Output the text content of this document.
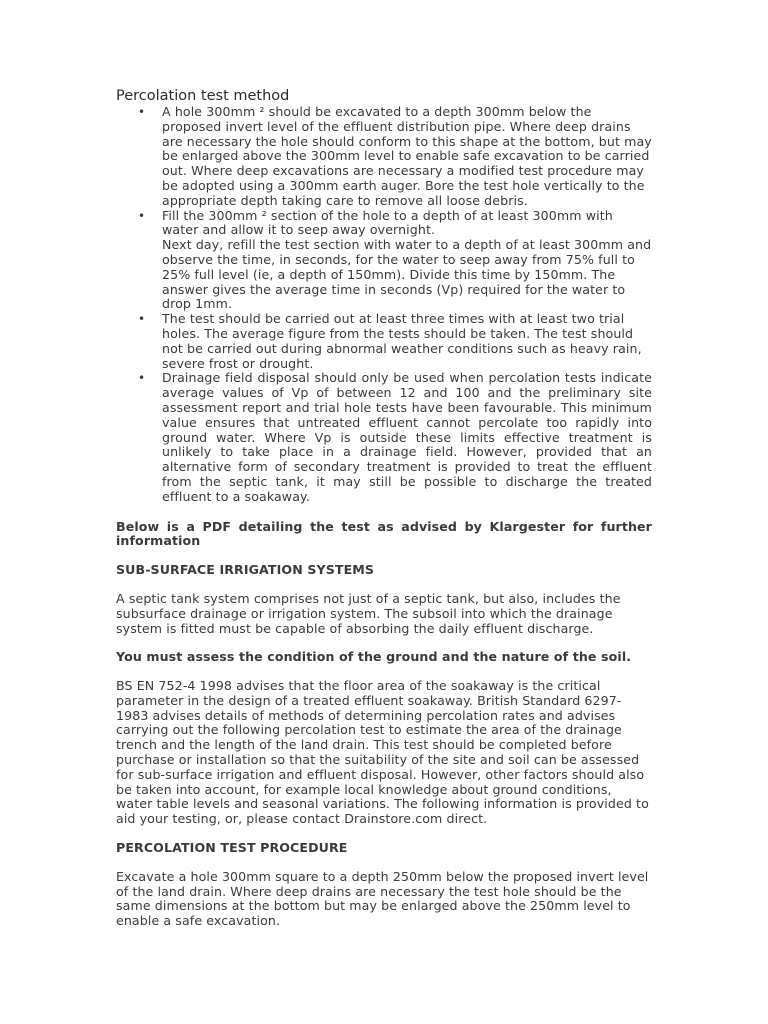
Percolation test method
• A hole 300mm ² should be excavated to a depth 300mm below the proposed invert level of the effluent distribution pipe. Where deep drains are necessary the hole should conform to this shape at the bottom, but may be enlarged above the 300mm level to enable safe excavation to be carried out. Where deep excavations are necessary a modified test procedure may be adopted using a 300mm earth auger. Bore the test hole vertically to the appropriate depth taking care to remove all loose debris.
• Fill the 300mm ² section of the hole to a depth of at least 300mm with water and allow it to seep away overnight.
Next day, refill the test section with water to a depth of at least 300mm and observe the time, in seconds, for the water to seep away from 75% full to 25% full level (ie, a depth of 150mm). Divide this time by 150mm. The answer gives the average time in seconds (Vp) required for the water to drop 1mm.
• The test should be carried out at least three times with at least two trial holes. The average figure from the tests should be taken. The test should not be carried out during abnormal weather conditions such as heavy rain, severe frost or drought.
• Drainage field disposal should only be used when percolation tests indicate average values of Vp of between 12 and 100 and the preliminary site assessment report and trial hole tests have been favourable. This minimum value ensures that untreated effluent cannot percolate too rapidly into ground water. Where Vp is outside these limits effective treatment is unlikely to take place in a drainage field. However, provided that an alternative form of secondary treatment is provided to treat the effluent from the septic tank, it may still be possible to discharge the treated effluent to a soakaway.

Below is a PDF detailing the test as advised by Klargester for further information

SUB-SURFACE IRRIGATION SYSTEMS

A septic tank system comprises not just of a septic tank, but also, includes the subsurface drainage or irrigation system. The subsoil into which the drainage system is fitted must be capable of absorbing the daily effluent discharge.

You must assess the condition of the ground and the nature of the soil.

BS EN 752-4 1998 advises that the floor area of the soakaway is the critical parameter in the design of a treated effluent soakaway. British Standard 6297-1983 advises details of methods of determining percolation rates and advises carrying out the following percolation test to estimate the area of the drainage trench and the length of the land drain. This test should be completed before purchase or installation so that the suitability of the site and soil can be assessed for sub-surface irrigation and effluent disposal. However, other factors should also be taken into account, for example local knowledge about ground conditions, water table levels and seasonal variations. The following information is provided to aid your testing, or, please contact Drainstore.com direct.

PERCOLATION TEST PROCEDURE

Excavate a hole 300mm square to a depth 250mm below the proposed invert level of the land drain. Where deep drains are necessary the test hole should be the same dimensions at the bottom but may be enlarged above the 250mm level to enable a safe excavation.
